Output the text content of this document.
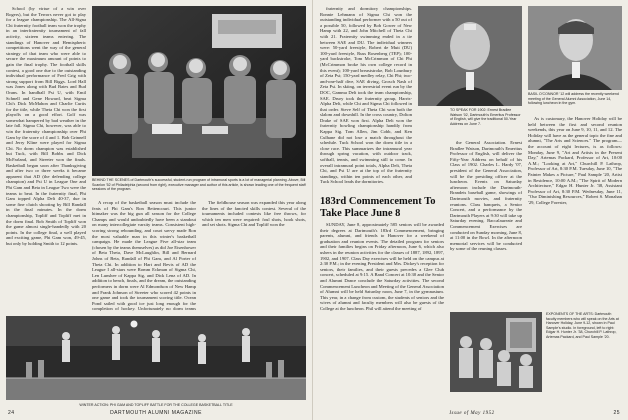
School (by virtue of a win over Rogers), but the Terrors never got to play for a league championship. The All-Signa Chi fraternity football team won the trophy in an interfraternity tournament of fall activity, sixteen teams entering. The standings of Hanover and Hemispheric competitions went the way of the general strategy of that team who were able to secure the maximum amount of points to gain the final trophy. The football skills contest, a good one due to the outstanding individual performance of Fred Grig with strong support from Bill Biggs. Lord Hall was Jones along with Bud Bates and Bud Orans. In handball Psi U, with Emil Schnell and Gene Howard, beat Sigma Chi's Dick McMahon and Charlie Curtis for the title, while Theta Chi won the first playoffs on a good effort. Golf was somewhat hampered by bad weather in the late fall. Sigma Chi, however, was able to win the fraternity championship over Phi Gam by the score of 4 and 1. Bob Grinnell and Jerry Kline were played for Sigma Chi. No dorm champion was established but Tuck, with Bill Bobbs and Dick McFarland, and Streeter won the finals. Basketball began soon after Thanksgiving and after two or three weeks it became apparent that AD (the defending college champion) and Psi U in League One and Phi Gam and Beta in League Two were the teams to beat. In the fraternity final, Phi Gam topped Alpha Delt 40-37, due in some fine clutch shooting by Bill Randall in the final minutes. In the dorm championship, Topliff and Topliff met in the dorm final. Bob Smith of Topliff won the game almost single-handedly with 20 points. In the college final, a well played and exciting game, Phi Gam won, 49-45, but only by holding Smith to 12 points.

BEHIND THE SCENES of Dartmouth's successful, student-run program of intramural sports is a lot of managerial planning. Above, Bill Scanlon '52 of Philadelphia (second from right), executive manager and author of this article, is shown leading one of the frequent staff sessions of the program.

A recap of the basketball season must include the feats of Phi Gam's Ron Bettencourt. This junior hitmaker was the big gun all season for the College Champs and would undoubtedly have been a standout on many intercollegiate varsity teams. Consistent high-scoring strong rebounding, and court savvy made Ron the most valuable man in this winter's basketball campaign. He made the League Five all-star team (chosen by the teams themselves) as did Joe Eisenhower of Beta Theta, Dave McLaughlin, Bill and Bernard Johns of Beta, Randall of Phi Gam, and Al Porter of Theta Chi. In addition to Hart and Bevis of AD the League I all-stars were Romm Eckman of Sigma Chi, Len Lunshee of Kappa Sig, and Dick Lenz of AD. In addition to bench, finals, and the dream, the outstanding performers in dorm were Al Edmondson of New Hamp and Frank Johnson of Streeter who scored 42 points in one game and took the tournament scoring title. Ocean Pond sailed with good ice just long enough for the completion of hockey. Unfortunately no dorm teams

The fieldhouse season was expanded this year along the lines of the fancied skills contest. Several of the tournaments included contests like free throws, for which ten men were required: foul shots, hook shots, and set shots. Sigma Chi and Topliff won the

WINTER ACTION: PHI GAM AND TOPLIFF BATTLE FOR THE COLLEGE BASKETBALL TITLE
24	DARTMOUTH ALUMNI MAGAZINE

fraternity and dormitory championships. Ronnie Lehmann of Sigma Chi won the outstanding individual performer with a 50 out of a possible 50, followed by Bob Gower of New Hamp with 22, and John Mitchell of Theta Chi with 21. Fraternity swimming ended in a tie between SAE and DU. The individual winners were: 50-yard freestyle, Robert de Mutt (DU) 100-yard freestyle, Russ Rosenberg (TEP); 100-yard backstroke, Tom McCrimmon of Chi Phi (McCrimmon broke his own college record in this event); 100-yard breaststroke, Bob Lounbury of Zeta Psi; 150-yard medley relay, Chi Phi; two-and-one-half dive, SAE diving, Grosch Nash of Zeta Psi. In skiing, on terrestrial event run by the DOC, Gamma Delt took the team championship, SAE. Drury took the fraternity group, Harris-Alpha Delt, while Chi and Sigma Chi followed in that order. Steve Self of Theta Chi won both the slalom and downhill. In the cross country, Dolton Drake of SAE won first. Alpha Delt won the fraternity bowling championship handily from Kappa Sig. Tom Allen, Jim Cobb, and Ken Culhane did not lose a match throughout the schedule. Tuck School won the dorm title in a close race. This summarizes the intramural year through spring vacation, with outdoor track, softball, tennis, and swimming still to come. In overall intramural point totals, Alpha Delt, Theta Chi, and Psi U are at the top of the fraternity standings, within ten points of each other, and Tuck School leads the dormitories.

183rd Commencement To Take Place June 8

SUNDAY, June 8, approximately 585 seniors will be awarded their degrees at Dartmouth's 183rd Commencement, bringing parents, alumni, and friends to Hanover for a weekend of graduation and reunion events. The detailed program for seniors and their families begins on Friday afternoon, June 6, which also ushers in the reunion activities for the classes of 1887, 1892, 1897, 1902, and 1907. Class Day exercises will be held on the campus at 2:30 P.M.; in the evening President and Mrs. Dickey's reception for seniors, their families, and their guests precedes a Glee Club concert, scheduled at 9:15. A Band Concert at 10:30 and the Senior and Alumni Dance conclude the Saturday activities. The second Commencement Luncheon and Meeting of the General Association of Alumni will be held Saturday noon, June 7, in the gymnasium. This year, in a change from custom, the students of seniors and the wives of alumni and faculty members will also be guests of the College at the luncheon. Phil will attend the meeting of

TO SPEAK FOR 1902: Ernest Bradlee Watson '02, Dartmouth's Emeritus Professor of English, will give the traditional 50-Year Address on June 7.

the General Association. Ernest Bradlee Watson, Dartmouth's Emeritus Professor of English, will deliver the Fifty-Year Address on behalf of his Class of 1902. Charles L. Hardy '07, president of the General Association, will be the presiding officer at the luncheon. Events on Saturday afternoon include the Dartmouth-Brandeis baseball game, showings of Dartmouth movies, and fraternity reunions. Class banquets, a Senior Concert, and a performance by the Dartmouth Players at 9:30 will take up Saturday evening. Baccalaureate and Commencement Exercises are conducted on Sunday morning, June 8, at 11:00 in the Bowl. In the afternoon memorial services will be conducted by some of the reuning classes.

BASIL O'CONNOR '12 will address the recently weekend meeting of the General Alumni Association, June 14, following luncheon in the gym.

As is customary, the Hanover Holiday will be held between the first and second reunion weekends, this year on June 9, 10, 11, and 12. The Holiday will have as the general topic the fine and alumni, "The Arts and Sciences." The program—the account of eight lectures, is as follows: Monday, June 9, "Art and Artists in the Present Day," Artemas Packard, Professor of Art, 10:00 A.M.; "Looking at Art," Churchill P. Lathrop, Professor of Art, 8:30 P.M. Tuesday, June 10, "The Painter Makes a Picture," Paul Sample '20, Artist in Residence, 10:00 A.M.; "The Spirit of Modern Architecture," Edgar H. Hunter Jr. '38, Assistant Professor of Art, 8:30 P.M. Wednesday, June 11, "Our Diminishing Resources," Robert S. Monahan '29, College Forester,

EXPONENTS OF THE ARTS: Dartmouth faculty members who will speak on the Arts at Hanover Holiday, June 9-12, shown in Paul Sample's studio. In foreground, left to right: Edgar H. Hunter Jr. '38, Churchill P. Lathrop, Artemas Packard, and Paul Sample '20.
Issue of May 1952	25
